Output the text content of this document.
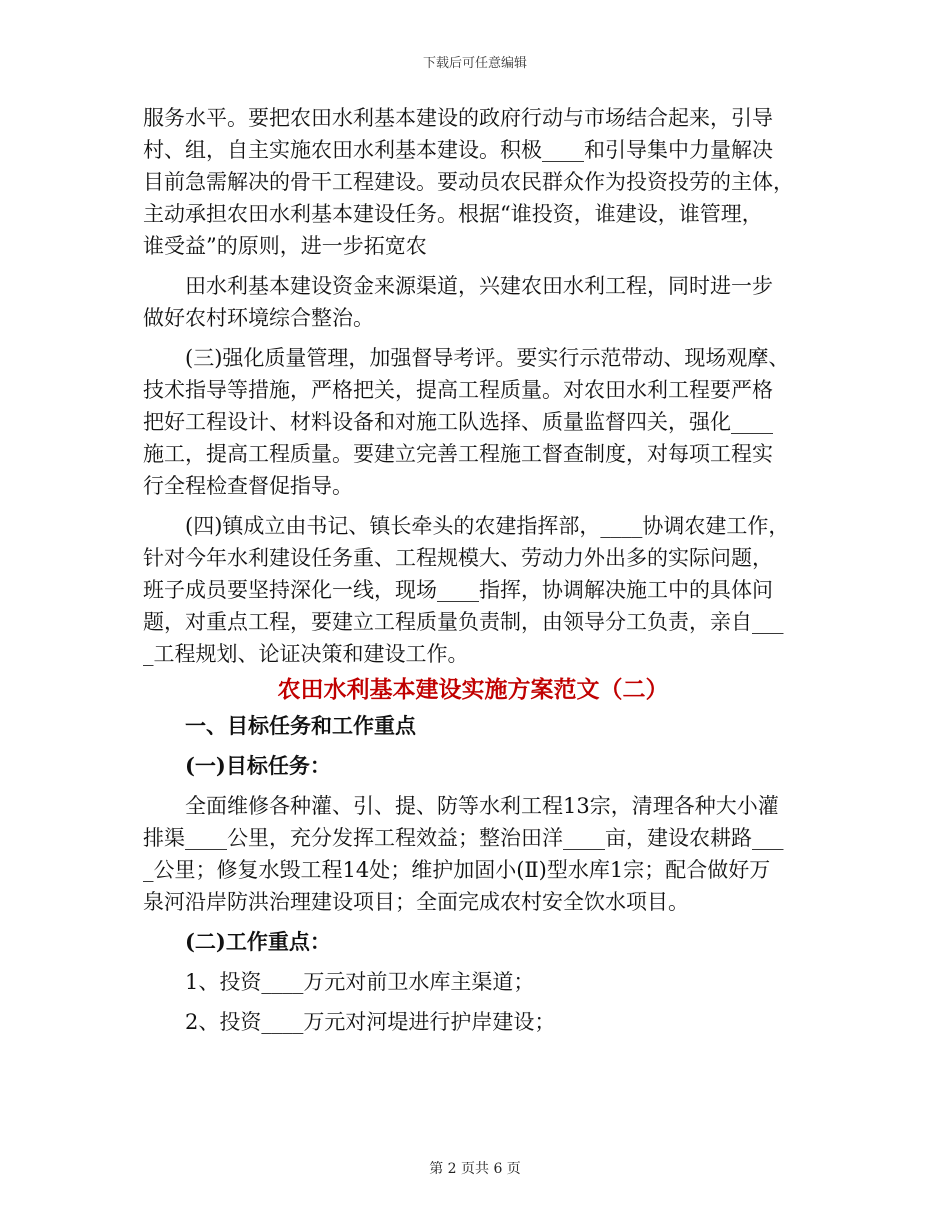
下载后可任意编辑
服务水平。要把农田水利基本建设的政府行动与市场结合起来，引导
村、组，自主实施农田水利基本建设。积极____和引导集中力量解决
目前急需解决的骨干工程建设。要动员农民群众作为投资投劳的主体，
主动承担农田水利基本建设任务。根据“谁投资，谁建设，谁管理，
谁受益”的原则，进一步拓宽农
田水利基本建设资金来源渠道，兴建农田水利工程，同时进一步
做好农村环境综合整治。
(三)强化质量管理，加强督导考评。要实行示范带动、现场观摩、
技术指导等措施，严格把关，提高工程质量。对农田水利工程要严格
把好工程设计、材料设备和对施工队选择、质量监督四关，强化____
施工，提高工程质量。要建立完善工程施工督查制度，对每项工程实
行全程检查督促指导。
(四)镇成立由书记、镇长牵头的农建指挥部，____协调农建工作，
针对今年水利建设任务重、工程规模大、劳动力外出多的实际问题，
班子成员要坚持深化一线，现场____指挥，协调解决施工中的具体问
题，对重点工程，要建立工程质量负责制，由领导分工负责，亲自___
_工程规划、论证决策和建设工作。
农田水利基本建设实施方案范文（二）
一、目标任务和工作重点
(一)目标任务：
全面维修各种灌、引、提、防等水利工程13宗，清理各种大小灌
排渠____公里，充分发挥工程效益；整治田洋____亩，建设农耕路___
_公里；修复水毁工程14处；维护加固小(Ⅱ)型水库1宗；配合做好万
泉河沿岸防洪治理建设项目；全面完成农村安全饮水项目。
(二)工作重点：
1、投资____万元对前卫水库主渠道；
2、投资____万元对河堤进行护岸建设；
第 2 页共 6 页
